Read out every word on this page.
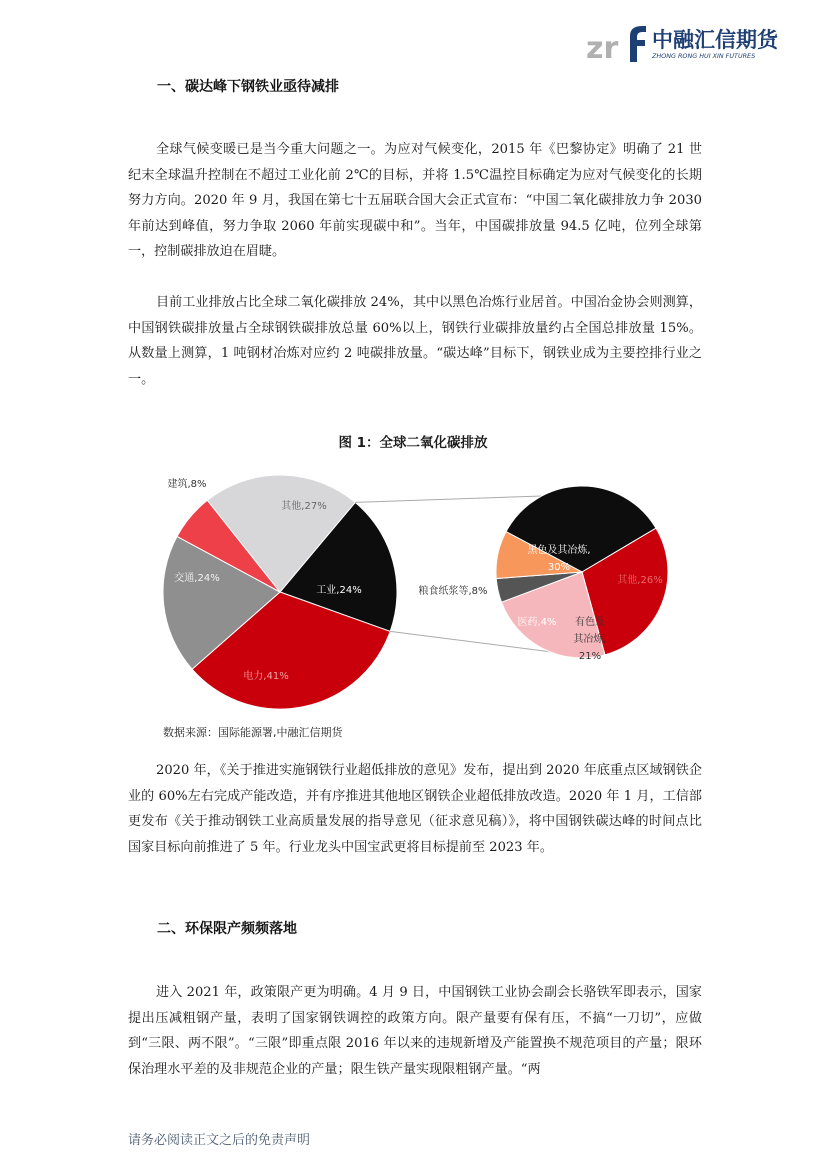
zr 中融汇信期货
ZHONG RONG HUI XIN FUTURES
一、碳达峰下钢铁业亟待减排

全球气候变暖已是当今重大问题之一。为应对气候变化，2015 年《巴黎协定》明确了 21 世纪末全球温升控制在不超过工业化前 2℃的目标，并将 1.5℃温控目标确定为应对气候变化的长期努力方向。2020 年 9 月，我国在第七十五届联合国大会正式宣布：“中国二氧化碳排放力争 2030 年前达到峰值，努力争取 2060 年前实现碳中和”。当年，中国碳排放量 94.5 亿吨，位列全球第一，控制碳排放迫在眉睫。

目前工业排放占比全球二氧化碳排放 24%，其中以黑色冶炼行业居首。中国冶金协会则测算，中国钢铁碳排放量占全球钢铁碳排放总量 60%以上，钢铁行业碳排放量约占全国总排放量 15%。从数量上测算，1 吨钢材冶炼对应约 2 吨碳排放量。“碳达峰”目标下，钢铁业成为主要控排行业之一。

图 1：全球二氧化碳排放
工业,24%
电力,41%
交通,24%
建筑,8%
其他,27%
其他,26%
医药,4%
粮食纸浆等,8%
黑色及其冶炼,
30%
有色及
其冶炼,
21%
数据来源：国际能源署,中融汇信期货

2020 年，《关于推进实施钢铁行业超低排放的意见》发布，提出到 2020 年底重点区域钢铁企业的 60%左右完成产能改造，并有序推进其他地区钢铁企业超低排放改造。2020 年 1 月，工信部更发布《关于推动钢铁工业高质量发展的指导意见（征求意见稿）》，将中国钢铁碳达峰的时间点比国家目标向前推进了 5 年。行业龙头中国宝武更将目标提前至 2023 年。

二、环保限产频频落地

进入 2021 年，政策限产更为明确。4 月 9 日，中国钢铁工业协会副会长骆铁军即表示，国家提出压减粗钢产量，表明了国家钢铁调控的政策方向。限产量要有保有压，不搞“一刀切”，应做到“三限、两不限”。“三限”即重点限 2016 年以来的违规新增及产能置换不规范项目的产量；限环保治理水平差的及非规范企业的产量；限生铁产量实现限粗钢产量。“两

请务必阅读正文之后的免责声明
